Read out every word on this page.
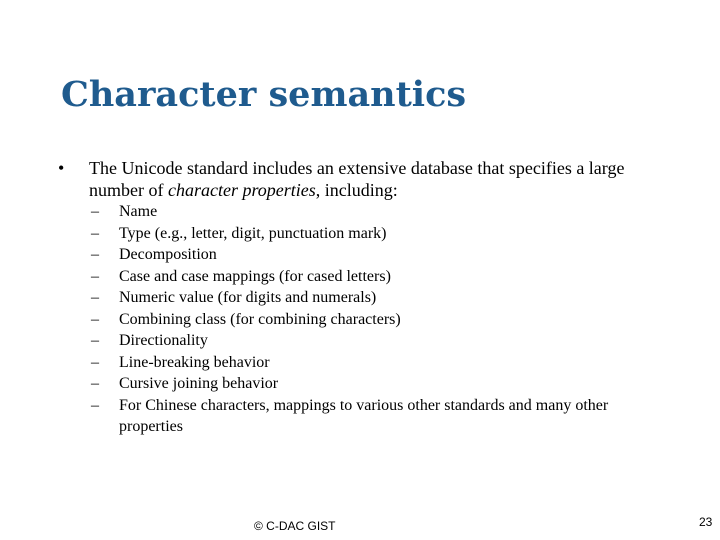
Character semantics
• The Unicode standard includes an extensive database that specifies a large number of character properties, including:
– Name
– Type (e.g., letter, digit, punctuation mark)
– Decomposition
– Case and case mappings (for cased letters)
– Numeric value (for digits and numerals)
– Combining class (for combining characters)
– Directionality
– Line-breaking behavior
– Cursive joining behavior
– For Chinese characters, mappings to various other standards and many other properties
© C-DAC GIST	23
